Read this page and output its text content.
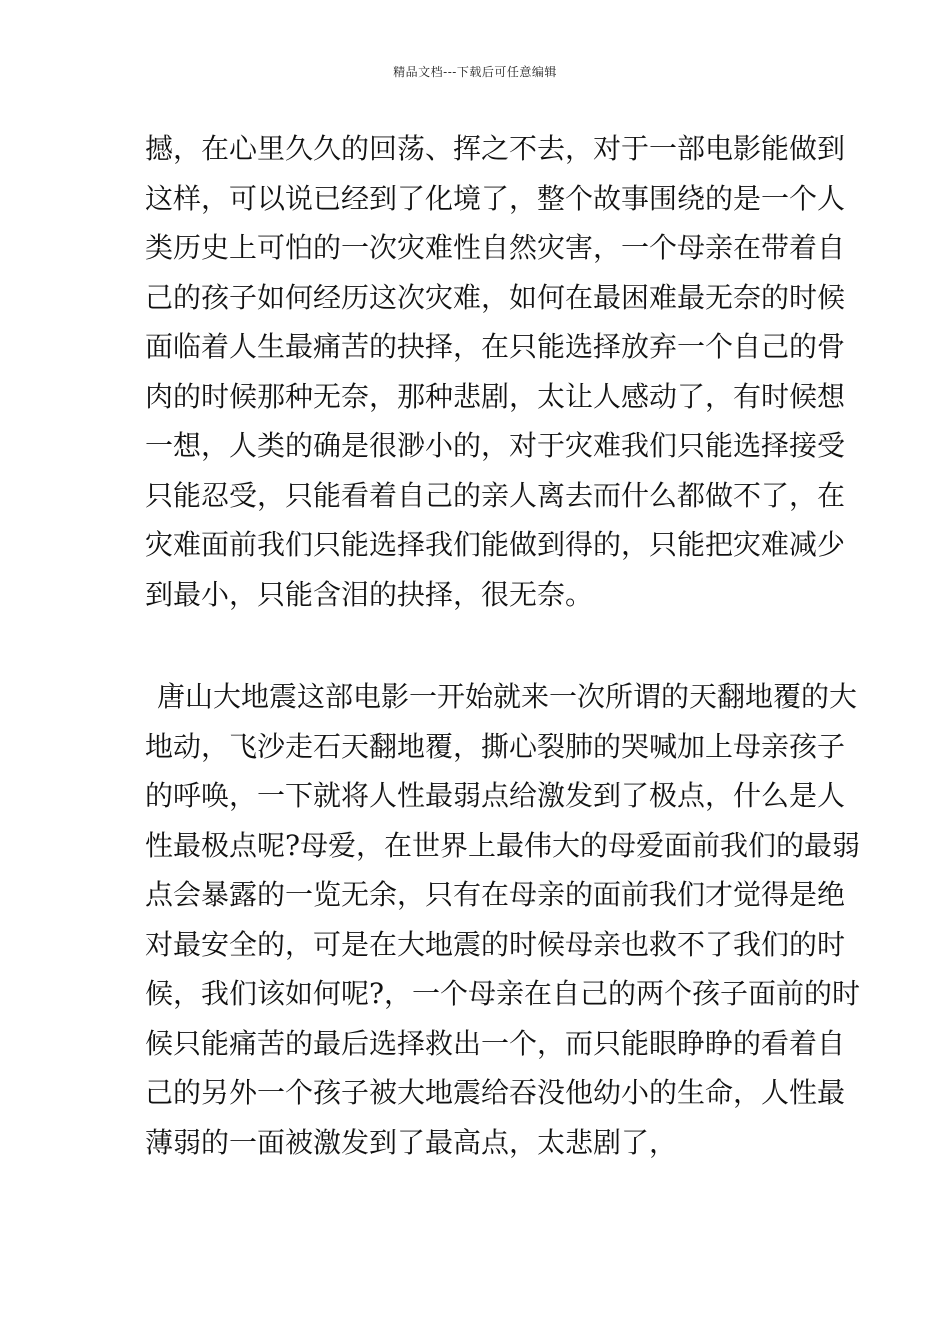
精品文档---下载后可任意编辑
撼，在心里久久的回荡、挥之不去，对于一部电影能做到
这样，可以说已经到了化境了，整个故事围绕的是一个人
类历史上可怕的一次灾难性自然灾害，一个母亲在带着自
己的孩子如何经历这次灾难，如何在最困难最无奈的时候
面临着人生最痛苦的抉择，在只能选择放弃一个自己的骨
肉的时候那种无奈，那种悲剧，太让人感动了，有时候想
一想，人类的确是很渺小的，对于灾难我们只能选择接受
只能忍受，只能看着自己的亲人离去而什么都做不了，在
灾难面前我们只能选择我们能做到得的，只能把灾难减少
到最小，只能含泪的抉择，很无奈。
唐山大地震这部电影一开始就来一次所谓的天翻地覆的大
地动，飞沙走石天翻地覆，撕心裂肺的哭喊加上母亲孩子
的呼唤，一下就将人性最弱点给激发到了极点，什么是人
性最极点呢?母爱，在世界上最伟大的母爱面前我们的最弱
点会暴露的一览无余，只有在母亲的面前我们才觉得是绝
对最安全的，可是在大地震的时候母亲也救不了我们的时
候，我们该如何呢?，一个母亲在自己的两个孩子面前的时
候只能痛苦的最后选择救出一个，而只能眼睁睁的看着自
己的另外一个孩子被大地震给吞没他幼小的生命，人性最
薄弱的一面被激发到了最高点，太悲剧了，
